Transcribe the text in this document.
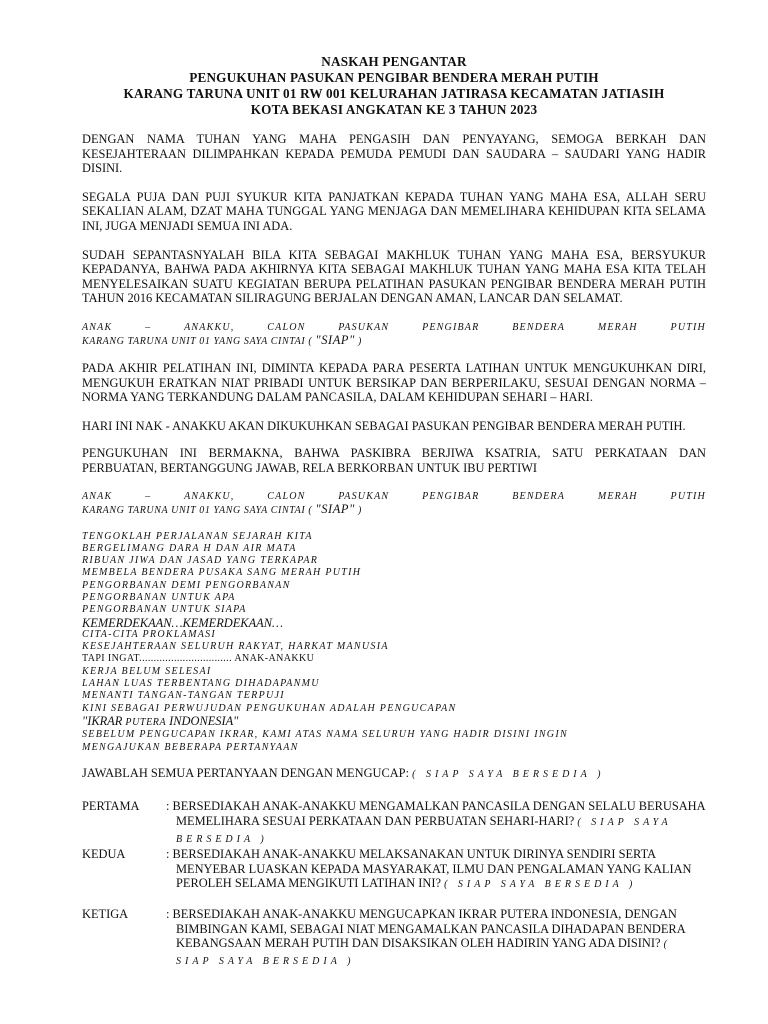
NASKAH PENGANTAR
PENGUKUHAN PASUKAN PENGIBAR BENDERA MERAH PUTIH
KARANG TARUNA UNIT 01 RW 001 KELURAHAN JATIRASA KECAMATAN JATIASIH
KOTA BEKASI ANGKATAN KE 3 TAHUN 2023

DENGAN NAMA TUHAN YANG MAHA PENGASIH DAN PENYAYANG, SEMOGA BERKAH DAN KESEJAHTERAAN DILIMPAHKAN KEPADA PEMUDA PEMUDI DAN SAUDARA – SAUDARI YANG HADIR DISINI.

SEGALA PUJA DAN PUJI SYUKUR KITA PANJATKAN KEPADA TUHAN YANG MAHA ESA, ALLAH SERU SEKALIAN ALAM, DZAT MAHA TUNGGAL YANG MENJAGA DAN MEMELIHARA KEHIDUPAN KITA SELAMA INI, JUGA MENJADI SEMUA INI ADA.

SUDAH SEPANTASNYALAH BILA KITA SEBAGAI MAKHLUK TUHAN YANG MAHA ESA, BERSYUKUR KEPADANYA, BAHWA PADA AKHIRNYA KITA SEBAGAI MAKHLUK TUHAN YANG MAHA ESA KITA TELAH MENYELESAIKAN SUATU KEGIATAN BERUPA PELATIHAN PASUKAN PENGIBAR BENDERA MERAH PUTIH TAHUN 2016 KECAMATAN SILIRAGUNG BERJALAN DENGAN AMAN, LANCAR DAN SELAMAT.

ANAK	–	ANAKKU,	CALON	PASUKAN	PENGIBAR	BENDERA	MERAH	PUTIH
KARANG TARUNA UNIT 01 YANG SAYA CINTAI ( "SIAP" )

PADA AKHIR PELATIHAN INI, DIMINTA KEPADA PARA PESERTA LATIHAN UNTUK MENGUKUHKAN DIRI, MENGUKUH ERATKAN NIAT PRIBADI UNTUK BERSIKAP DAN BERPERILAKU, SESUAI DENGAN NORMA – NORMA YANG TERKANDUNG DALAM PANCASILA, DALAM KEHIDUPAN SEHARI – HARI.

HARI INI NAK - ANAKKU AKAN DIKUKUHKAN SEBAGAI PASUKAN PENGIBAR BENDERA MERAH PUTIH.

PENGUKUHAN INI BERMAKNA, BAHWA PASKIBRA BERJIWA KSATRIA, SATU PERKATAAN DAN PERBUATAN, BERTANGGUNG JAWAB, RELA BERKORBAN UNTUK IBU PERTIWI

ANAK	–	ANAKKU,	CALON	PASUKAN	PENGIBAR	BENDERA	MERAH	PUTIH
KARANG TARUNA UNIT 01 YANG SAYA CINTAI ( "SIAP" )
TENGOKLAH PERJALANAN SEJARAH KITA
BERGELIMANG DARA H DAN AIR MATA
RIBUAN JIWA DAN JASAD YANG TERKAPAR
MEMBELA BENDERA PUSAKA SANG MERAH PUTIH
PENGORBANAN DEMI PENGORBANAN
PENGORBANAN UNTUK APA
PENGORBANAN UNTUK SIAPA
KEMERDEKAAN…KEMERDEKAAN…
CITA-CITA PROKLAMASI
KESEJAHTERAAN SELURUH RAKYAT, HARKAT MANUSIA
TAPI INGAT................................ ANAK-ANAKKU
KERJA BELUM SELESAI
LAHAN LUAS TERBENTANG DIHADAPANMU
MENANTI TANGAN-TANGAN TERPUJI
KINI SEBAGAI PERWUJUDAN PENGUKUHAN ADALAH PENGUCAPAN
"IKRAR PUTERA INDONESIA"
SEBELUM PENGUCAPAN IKRAR, KAMI ATAS NAMA SELURUH YANG HADIR DISINI INGIN
MENGAJUKAN BEBERAPA PERTANYAAN

JAWABLAH SEMUA PERTANYAAN DENGAN MENGUCAP: ( SIAP SAYA BERSEDIA )

PERTAMA	: BERSEDIAKAH ANAK-ANAKKU MENGAMALKAN PANCASILA DENGAN SELALU BERUSAHA MEMELIHARA SESUAI PERKATAAN DAN PERBUATAN SEHARI-HARI? ( SIAP SAYA BERSEDIA )
KEDUA	: BERSEDIAKAH ANAK-ANAKKU MELAKSANAKAN UNTUK DIRINYA SENDIRI SERTA MENYEBAR LUASKAN KEPADA MASYARAKAT, ILMU DAN PENGALAMAN YANG KALIAN PEROLEH SELAMA MENGIKUTI LATIHAN INI? ( SIAP SAYA BERSEDIA )
KETIGA	: BERSEDIAKAH ANAK-ANAKKU MENGUCAPKAN IKRAR PUTERA INDONESIA, DENGAN BIMBINGAN KAMI, SEBAGAI NIAT MENGAMALKAN PANCASILA DIHADAPAN BENDERA KEBANGSAAN MERAH PUTIH DAN DISAKSIKAN OLEH HADIRIN YANG ADA DISINI? ( SIAP SAYA BERSEDIA )
